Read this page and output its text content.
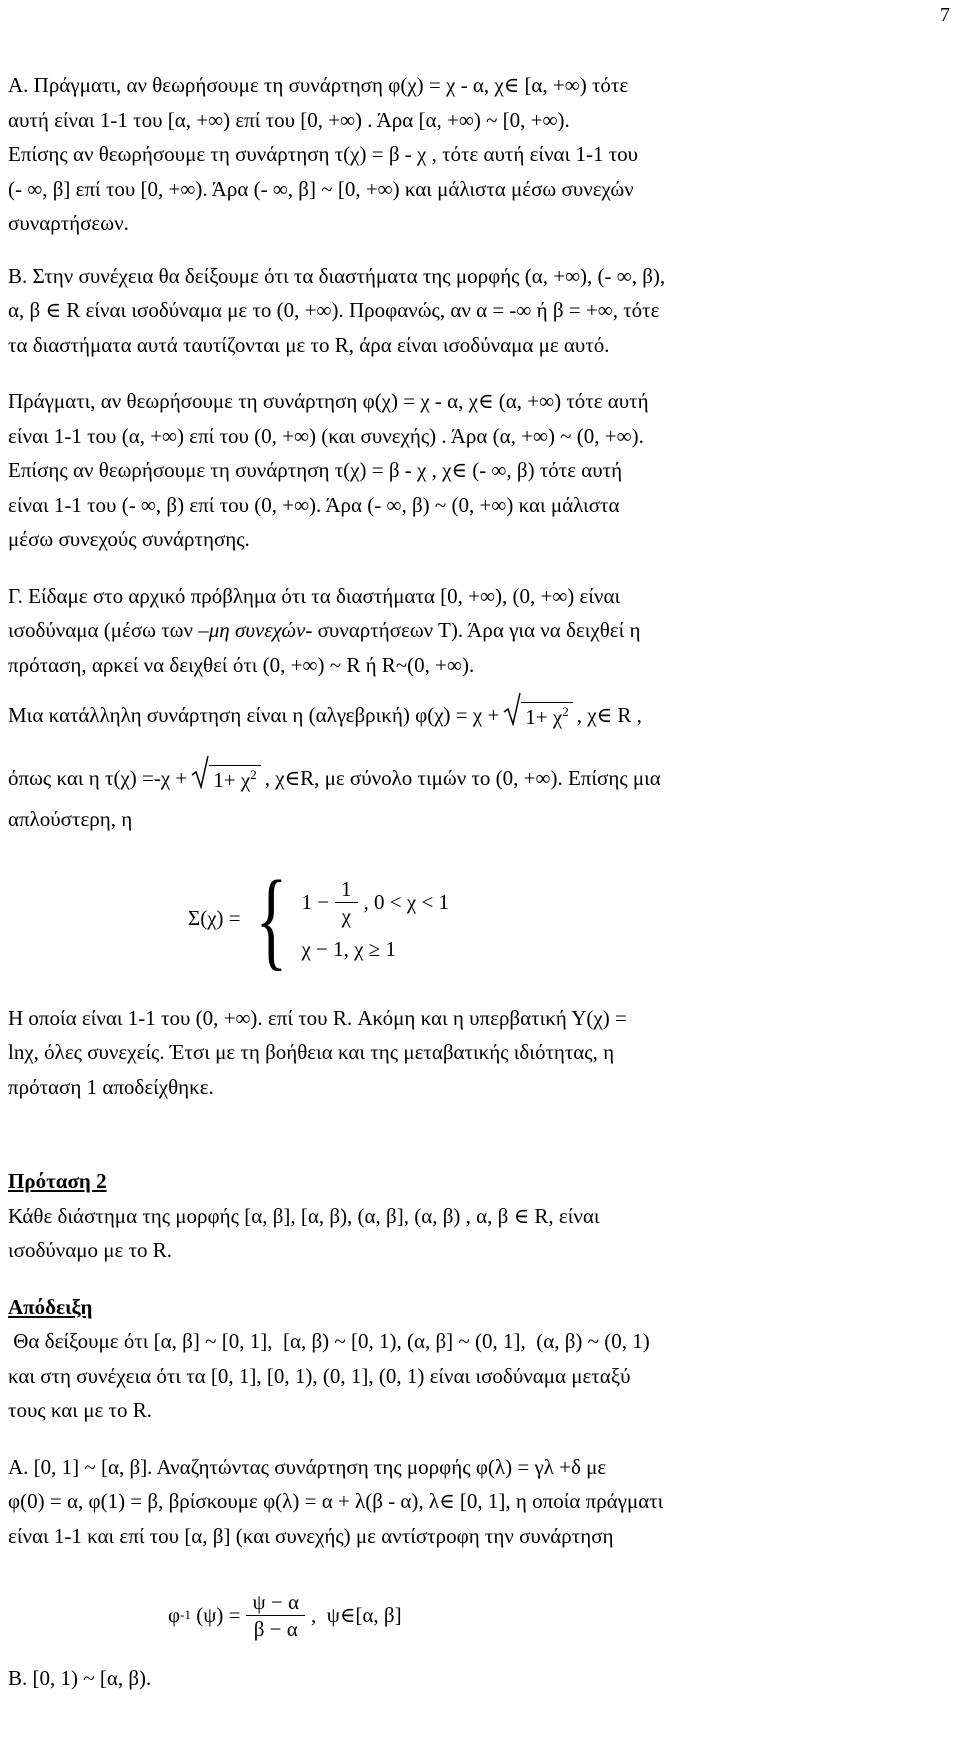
7

Α. Πράγματι, αν θεωρήσουμε τη συνάρτηση φ(χ) = χ - α, χ∈ [α, +∞) τότε

αυτή είναι 1-1 του [α, +∞) επί του [0, +∞) . Άρα [α, +∞) ~ [0, +∞).

Επίσης αν θεωρήσουμε τη συνάρτηση τ(χ) = β - χ , τότε αυτή είναι 1-1 του

(- ∞, β] επί του [0, +∞). Άρα (- ∞, β] ~ [0, +∞) και μάλιστα μέσω συνεχών

συναρτήσεων.

Β. Στην συνέχεια θα δείξουμε ότι τα διαστήματα της μορφής (α, +∞), (- ∞, β),

α, β ∈ R είναι ισοδύναμα με το (0, +∞). Προφανώς, αν α = -∞ ή β = +∞, τότε

τα διαστήματα αυτά ταυτίζονται με το R, άρα είναι ισοδύναμα με αυτό.

Πράγματι, αν θεωρήσουμε τη συνάρτηση φ(χ) = χ - α, χ∈ (α, +∞) τότε αυτή

είναι 1-1 του (α, +∞) επί του (0, +∞) (και συνεχής) . Άρα (α, +∞) ~ (0, +∞).

Επίσης αν θεωρήσουμε τη συνάρτηση τ(χ) = β - χ , χ∈ (- ∞, β) τότε αυτή

είναι 1-1 του (- ∞, β) επί του (0, +∞). Άρα (- ∞, β) ~ (0, +∞) και μάλιστα

μέσω συνεχούς συνάρτησης.

Γ. Είδαμε στο αρχικό πρόβλημα ότι τα διαστήματα [0, +∞), (0, +∞) είναι

ισοδύναμα (μέσω των –μη συνεχών- συναρτήσεων Τ). Άρα για να δειχθεί η

πρόταση, αρκεί να δειχθεί ότι (0, +∞) ~ R ή R~(0, +∞).

Μια κατάλληλη συνάρτηση είναι η (αλγεβρική) φ(χ) = χ +	$1+ \chi^2$ , χ∈ R ,

όπως και η τ(χ) =-χ +	$1+ \chi^2$ , χ∈R, με σύνολο τιμών το (0, +∞). Επίσης μια

απλούστερη, η

Σ(χ) = { $1 - \frac{1}{\chi}$ , 0 < χ < 1
χ − 1, χ ≥ 1

Η οποία είναι 1-1 του (0, +∞). επί του R. Ακόμη και η υπερβατική Υ(χ) =

lnχ, όλες συνεχείς. Έτσι με τη βοήθεια και της μεταβατικής ιδιότητας, η

πρόταση 1 αποδείχθηκε.

Πρόταση 2

Κάθε διάστημα της μορφής [α, β], [α, β), (α, β], (α, β) , α, β ∈ R, είναι

ισοδύναμο με το R.

Απόδειξη

Θα δείξουμε ότι [α, β] ~ [0, 1],  [α, β) ~ [0, 1), (α, β] ~ (0, 1],  (α, β) ~ (0, 1)

και στη συνέχεια ότι τα [0, 1], [0, 1), (0, 1], (0, 1) είναι ισοδύναμα μεταξύ

τους και με το R.

Α. [0, 1] ~ [α, β]. Αναζητώντας συνάρτηση της μορφής φ(λ) = γλ +δ με

φ(0) = α, φ(1) = β, βρίσκουμε φ(λ) = α + λ(β - α), λ∈ [0, 1], η οποία πράγματι

είναι 1-1 και επί του [α, β] (και συνεχής) με αντίστροφη την συνάρτηση

φ -1 $(\psi) = \frac{\psi - \alpha}{\beta - \alpha}$ ,  ψ∈[α, β]

Β. [0, 1) ~ [α, β).
